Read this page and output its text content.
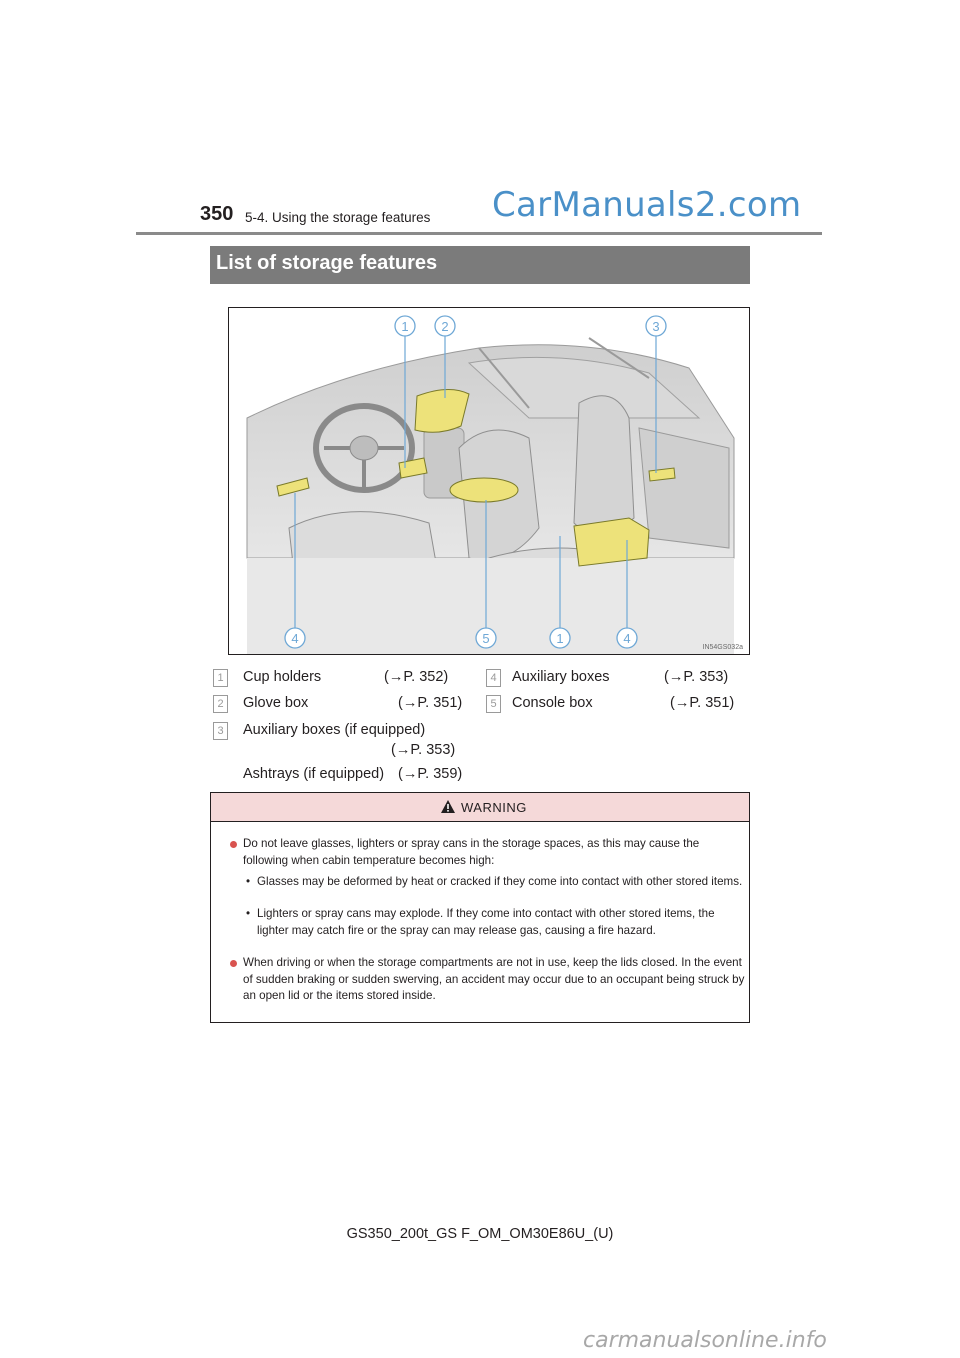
350 5-4. Using the storage features CarManuals2.com
List of storage features
1	2	3
4	5	1	4
IN54GS032a
1	Cup holders	(→P. 352)
2	Glove box	(→P. 351)
3	Auxiliary boxes (if equipped)
(→P. 353)
Ashtrays (if equipped) (→P. 359)
4	Auxiliary boxes	(→P. 353)
5	Console box	(→P. 351)
WARNING
Do not leave glasses, lighters or spray cans in the storage spaces, as this may cause the following when cabin temperature becomes high:
• Glasses may be deformed by heat or cracked if they come into contact with other stored items.
• Lighters or spray cans may explode. If they come into contact with other stored items, the lighter may catch fire or the spray can may release gas, causing a fire hazard.
When driving or when the storage compartments are not in use, keep the lids closed. In the event of sudden braking or sudden swerving, an accident may occur due to an occupant being struck by an open lid or the items stored inside.
GS350_200t_GS F_OM_OM30E86U_(U)
carmanualsonline.info
